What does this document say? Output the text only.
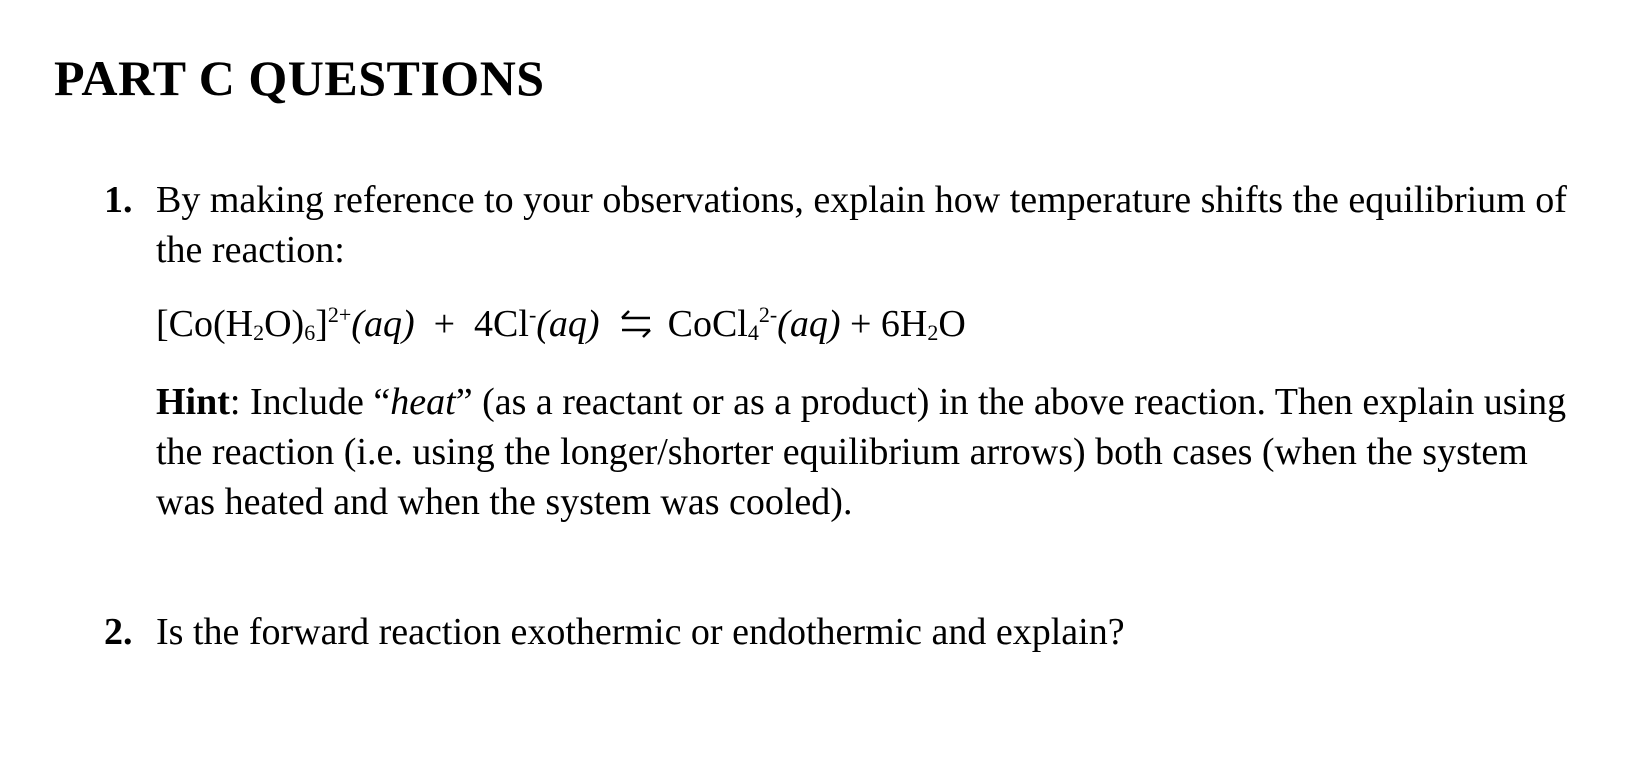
PART C QUESTIONS
1. By making reference to your observations, explain how temperature shifts the equilibrium of the reaction:

$[Co(H_2O)_6]^{2+}(aq) + 4Cl^-(aq)$ ⇌ CoCl$_4^{2-}$(aq) + $6H_2O$

Hint: Include “heat” (as a reactant or as a product) in the above reaction. Then explain using the reaction (i.e. using the longer/shorter equilibrium arrows) both cases (when the system was heated and when the system was cooled).

2. Is the forward reaction exothermic or endothermic and explain?
